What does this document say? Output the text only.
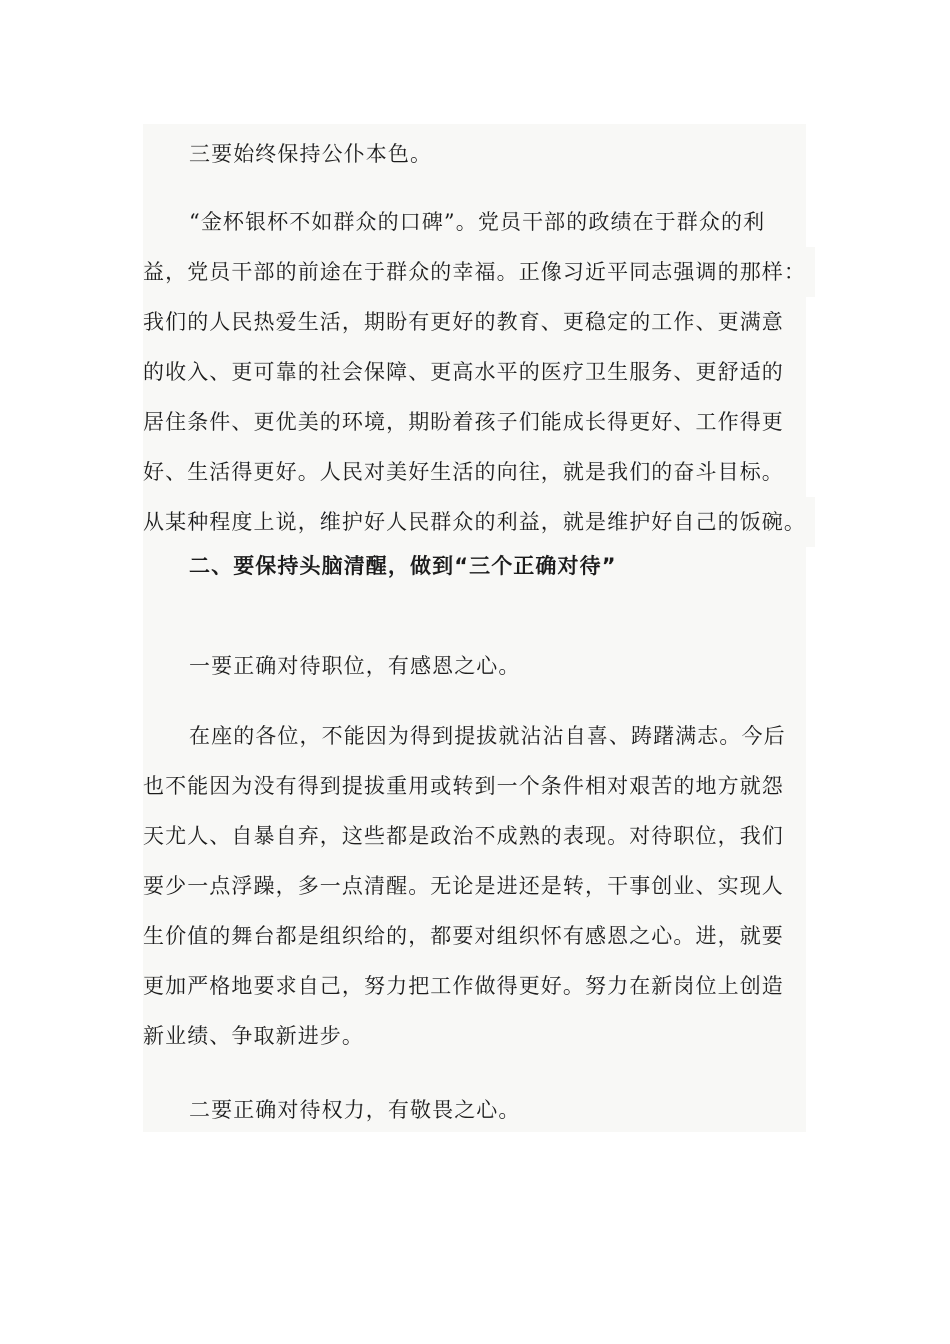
三要始终保持公仆本色。

“金杯银杯不如群众的口碑”。党员干部的政绩在于群众的利
益，党员干部的前途在于群众的幸福。正像习近平同志强调的那样：
我们的人民热爱生活，期盼有更好的教育、更稳定的工作、更满意
的收入、更可靠的社会保障、更高水平的医疗卫生服务、更舒适的
居住条件、更优美的环境，期盼着孩子们能成长得更好、工作得更
好、生活得更好。人民对美好生活的向往，就是我们的奋斗目标。
从某种程度上说，维护好人民群众的利益，就是维护好自己的饭碗。

二、要保持头脑清醒，做到“三个正确对待”

一要正确对待职位，有感恩之心。

在座的各位，不能因为得到提拔就沾沾自喜、踌躇满志。今后
也不能因为没有得到提拔重用或转到一个条件相对艰苦的地方就怨
天尤人、自暴自弃，这些都是政治不成熟的表现。对待职位，我们
要少一点浮躁，多一点清醒。无论是进还是转，干事创业、实现人
生价值的舞台都是组织给的，都要对组织怀有感恩之心。进，就要
更加严格地要求自己，努力把工作做得更好。努力在新岗位上创造
新业绩、争取新进步。

二要正确对待权力，有敬畏之心。
